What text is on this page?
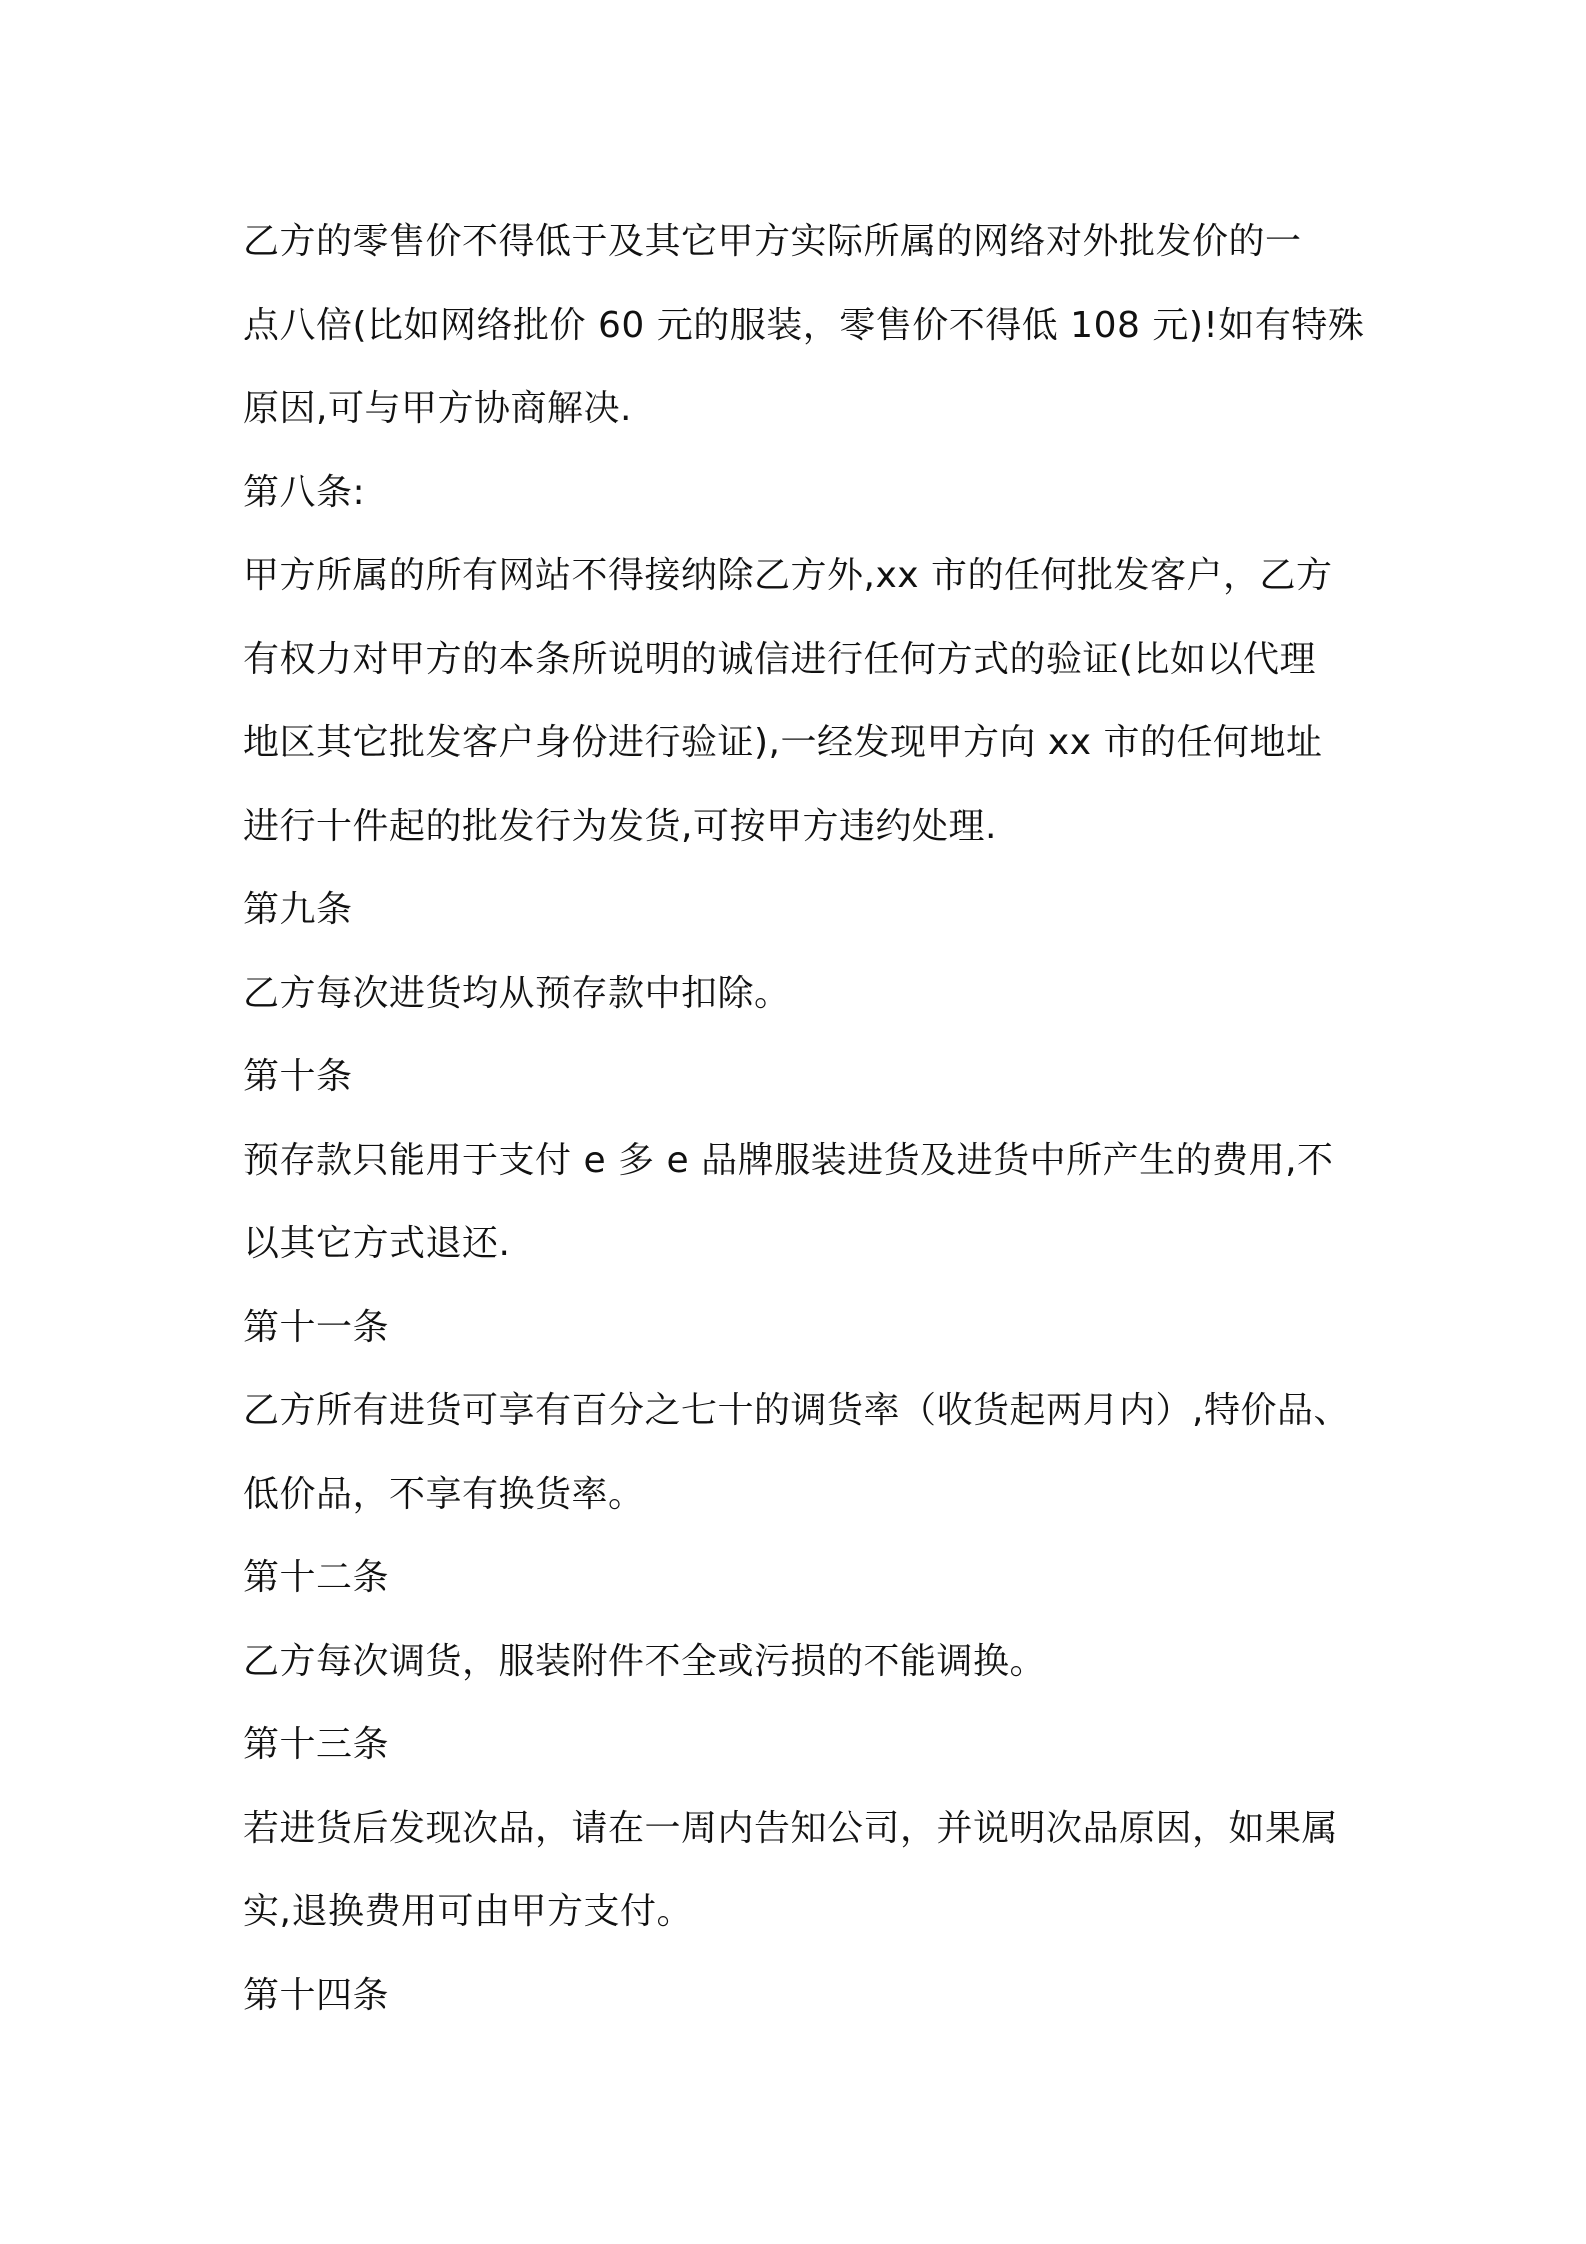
乙方的零售价不得低于及其它甲方实际所属的网络对外批发价的一
点八倍(比如网络批价 60 元的服装，零售价不得低 108 元)!如有特殊
原因,可与甲方协商解决.
第八条:
甲方所属的所有网站不得接纳除乙方外,xx 市的任何批发客户，乙方
有权力对甲方的本条所说明的诚信进行任何方式的验证(比如以代理
地区其它批发客户身份进行验证),一经发现甲方向 xx 市的任何地址
进行十件起的批发行为发货,可按甲方违约处理.
第九条
乙方每次进货均从预存款中扣除。
第十条
预存款只能用于支付 e 多 e 品牌服装进货及进货中所产生的费用,不
以其它方式退还.
第十一条
乙方所有进货可享有百分之七十的调货率（收货起两月内）,特价品、
低价品，不享有换货率。
第十二条
乙方每次调货，服装附件不全或污损的不能调换。
第十三条
若进货后发现次品，请在一周内告知公司，并说明次品原因，如果属
实,退换费用可由甲方支付。
第十四条
